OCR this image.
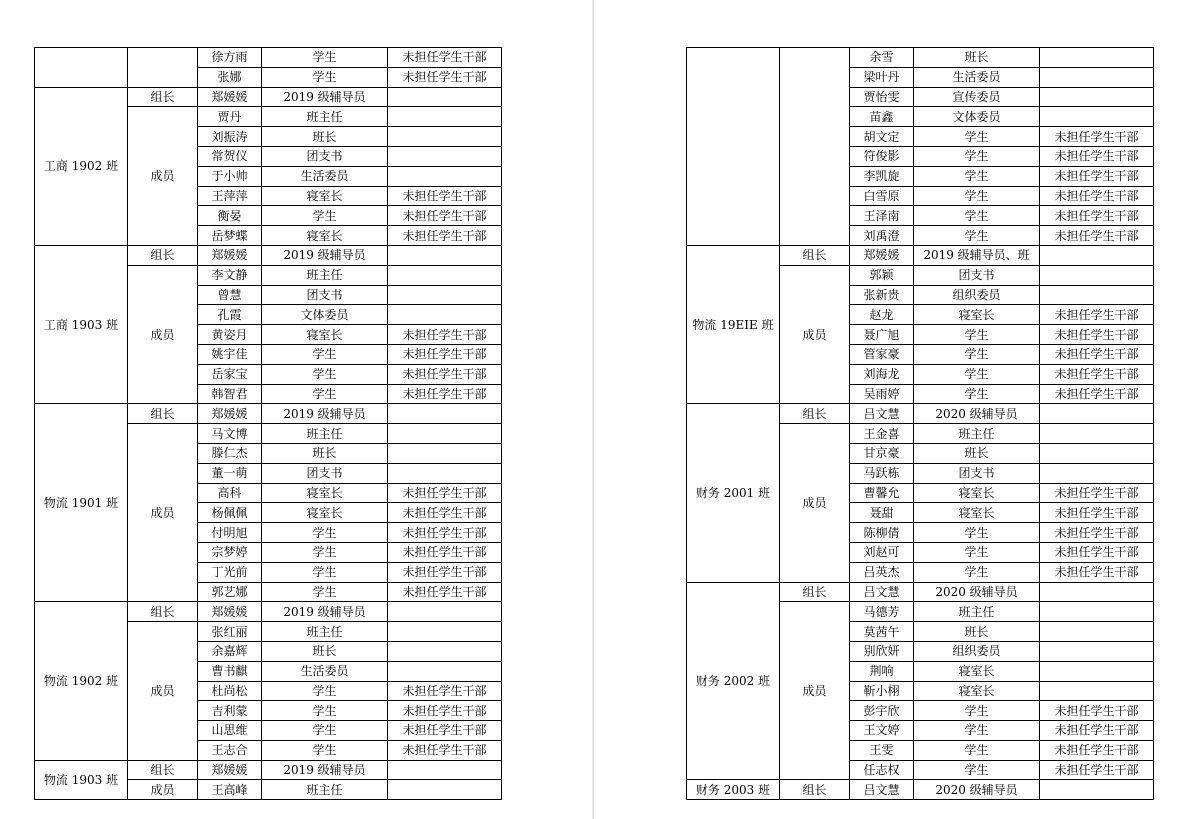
		徐方雨	学生	未担任学生干部
		张娜	学生	未担任学生干部
工商 1902 班	组长	郑媛媛	2019 级辅导员	
	成员	贾丹	班主任	
		刘振涛	班长	
		常贺仪	团支书	
		于小帅	生活委员	
		王萍萍	寝室长	未担任学生干部
		衡晏	学生	未担任学生干部
		岳梦蝶	寝室长	未担任学生干部
工商 1903 班	组长	郑媛媛	2019 级辅导员	
	成员	李文静	班主任	
		曾慧	团支书	
		孔霞	文体委员	
		黄姿月	寝室长	未担任学生干部
		姚宇佳	学生	未担任学生干部
		岳家宝	学生	未担任学生干部
		韩智君	学生	未担任学生干部
物流 1901 班	组长	郑媛媛	2019 级辅导员	
	成员	马文博	班主任	
		滕仁杰	班长	
		董一萌	团支书	
		高科	寝室长	未担任学生干部
		杨佩佩	寝室长	未担任学生干部
		付明旭	学生	未担任学生干部
		宗梦婷	学生	未担任学生干部
		丁光前	学生	未担任学生干部
		郭艺娜	学生	未担任学生干部
物流 1902 班	组长	郑媛媛	2019 级辅导员	
	成员	张红丽	班主任	
		余嘉辉	班长	
		曹书麒	生活委员	
		杜尚松	学生	未担任学生干部
		吉利蒙	学生	未担任学生干部
		山思维	学生	未担任学生干部
		王志合	学生	未担任学生干部
物流 1903 班	组长	郑媛媛	2019 级辅导员	
	成员	王高峰	班主任	
		余雪	班长	
		梁叶丹	生活委员	
		贾怡雯	宣传委员	
		苗鑫	文体委员	
		胡文定	学生	未担任学生干部
		符俊影	学生	未担任学生干部
		李凯旋	学生	未担任学生干部
		白雪原	学生	未担任学生干部
		王泽南	学生	未担任学生干部
		刘禹澄	学生	未担任学生干部
物流 19EIE 班	组长	郑媛媛	2019 级辅导员、班	
	成员	郭颖	团支书	
		张新贵	组织委员	
		赵龙	寝室长	未担任学生干部
		聂广旭	学生	未担任学生干部
		管家豪	学生	未担任学生干部
		刘海龙	学生	未担任学生干部
		吴雨婷	学生	未担任学生干部
财务 2001 班	组长	吕文慧	2020 级辅导员	
	成员	王金喜	班主任	
		甘京豪	班长	
		马跃栋	团支书	
		曹馨允	寝室长	未担任学生干部
		聂甜	寝室长	未担任学生干部
		陈柳倩	学生	未担任学生干部
		刘赵可	学生	未担任学生干部
		吕英杰	学生	未担任学生干部
财务 2002 班	组长	吕文慧	2020 级辅导员	
	成员	马德芳	班主任	
		莫茜午	班长	
		别欣妍	组织委员	
		荆响	寝室长	
		靳小栩	寝室长	
		彭宇欣	学生	未担任学生干部
		王文婷	学生	未担任学生干部
		王雯	学生	未担任学生干部
		任志权	学生	未担任学生干部
财务 2003 班	组长	吕文慧	2020 级辅导员	
